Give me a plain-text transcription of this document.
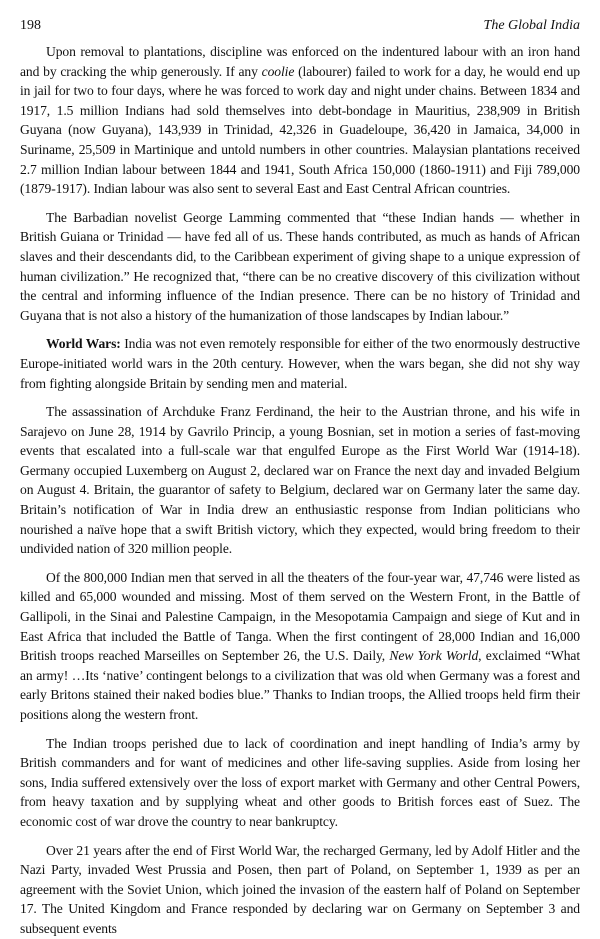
198	The Global India

Upon removal to plantations, discipline was enforced on the indentured labour with an iron hand and by cracking the whip generously. If any coolie (labourer) failed to work for a day, he would end up in jail for two to four days, where he was forced to work day and night under chains. Between 1834 and 1917, 1.5 million Indians had sold themselves into debt-bondage in Mauritius, 238,909 in British Guyana (now Guyana), 143,939 in Trinidad, 42,326 in Guadeloupe, 36,420 in Jamaica, 34,000 in Suriname, 25,509 in Martinique and untold numbers in other countries. Malaysian plantations received 2.7 million Indian labour between 1844 and 1941, South Africa 150,000 (1860-1911) and Fiji 789,000 (1879-1917). Indian labour was also sent to several East and East Central African countries.

The Barbadian novelist George Lamming commented that “these Indian hands — whether in British Guiana or Trinidad — have fed all of us. These hands contributed, as much as hands of African slaves and their descendants did, to the Caribbean experiment of giving shape to a unique expression of human civilization.” He recognized that, “there can be no creative discovery of this civilization without the central and informing influence of the Indian presence. There can be no history of Trinidad and Guyana that is not also a history of the humanization of those landscapes by Indian labour.”

World Wars: India was not even remotely responsible for either of the two enormously destructive Europe-initiated world wars in the 20th century. However, when the wars began, she did not shy way from fighting alongside Britain by sending men and material.

The assassination of Archduke Franz Ferdinand, the heir to the Austrian throne, and his wife in Sarajevo on June 28, 1914 by Gavrilo Princip, a young Bosnian, set in motion a series of fast-moving events that escalated into a full-scale war that engulfed Europe as the First World War (1914-18). Germany occupied Luxemberg on August 2, declared war on France the next day and invaded Belgium on August 4. Britain, the guarantor of safety to Belgium, declared war on Germany later the same day. Britain’s notification of War in India drew an enthusiastic response from Indian politicians who nourished a naïve hope that a swift British victory, which they expected, would bring freedom to their undivided nation of 320 million people.

Of the 800,000 Indian men that served in all the theaters of the four-year war, 47,746 were listed as killed and 65,000 wounded and missing. Most of them served on the Western Front, in the Battle of Gallipoli, in the Sinai and Palestine Campaign, in the Mesopotamia Campaign and siege of Kut and in East Africa that included the Battle of Tanga. When the first contingent of 28,000 Indian and 16,000 British troops reached Marseilles on September 26, the U.S. Daily, New York World, exclaimed “What an army! …Its ‘native’ contingent belongs to a civilization that was old when Germany was a forest and early Britons stained their naked bodies blue.” Thanks to Indian troops, the Allied troops held firm their positions along the western front.

The Indian troops perished due to lack of coordination and inept handling of India’s army by British commanders and for want of medicines and other life-saving supplies. Aside from losing her sons, India suffered extensively over the loss of export market with Germany and other Central Powers, from heavy taxation and by supplying wheat and other goods to British forces east of Suez. The economic cost of war drove the country to near bankruptcy.

Over 21 years after the end of First World War, the recharged Germany, led by Adolf Hitler and the Nazi Party, invaded West Prussia and Posen, then part of Poland, on September 1, 1939 as per an agreement with the Soviet Union, which joined the invasion of the eastern half of Poland on September 17. The United Kingdom and France responded by declaring war on Germany on September 3 and subsequent events
